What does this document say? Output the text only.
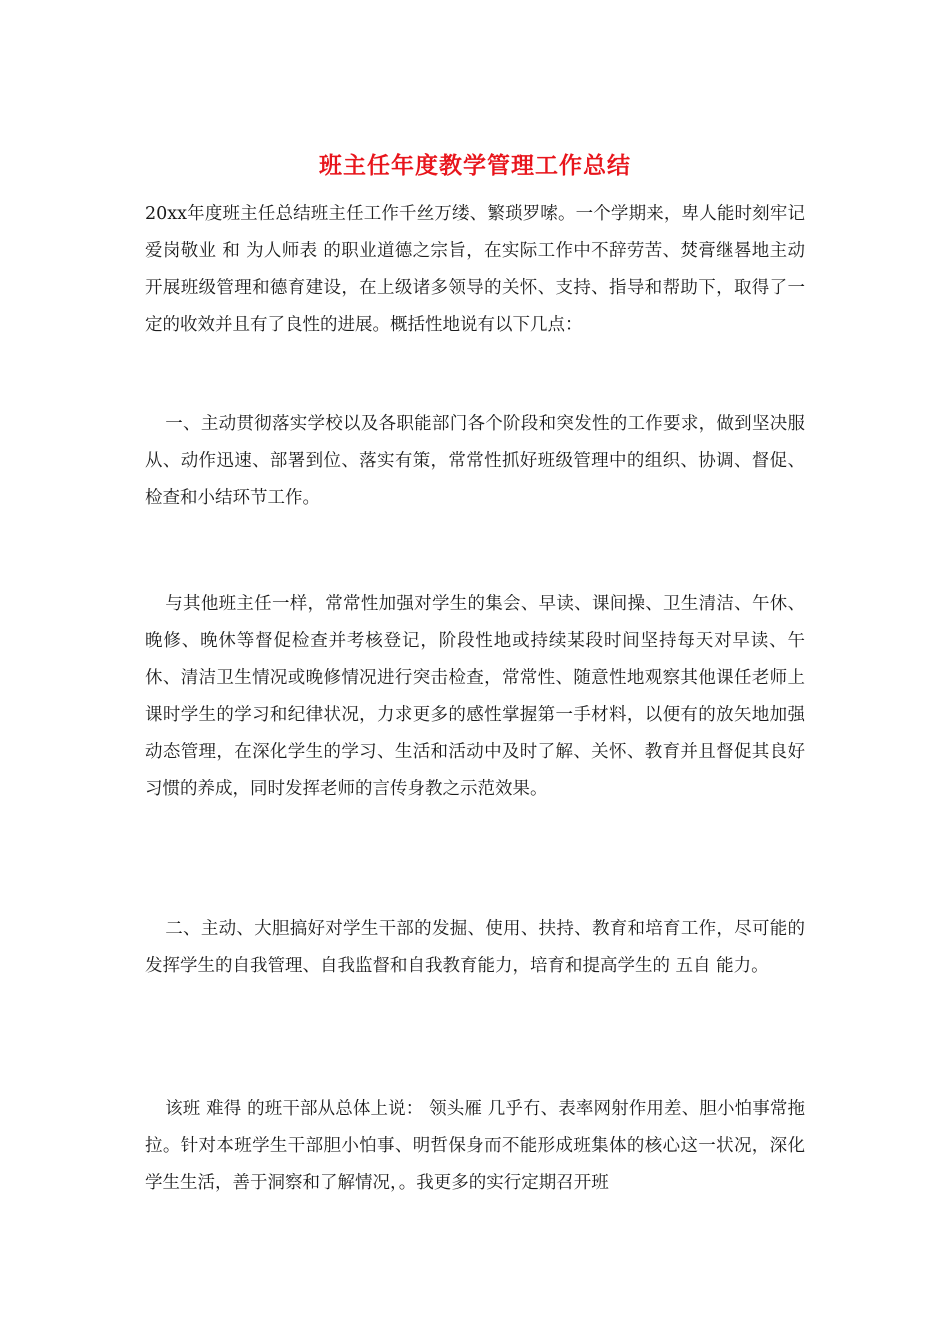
班主任年度教学管理工作总结

20xx年度班主任总结班主任工作千丝万缕、繁琐罗嗦。一个学期来，卑人能时刻牢记 爱岗敬业 和 为人师表 的职业道德之宗旨，在实际工作中不辞劳苦、焚膏继晷地主动开展班级管理和德育建设，在上级诸多领导的关怀、支持、指导和帮助下，取得了一定的收效并且有了良性的进展。概括性地说有以下几点：

一、主动贯彻落实学校以及各职能部门各个阶段和突发性的工作要求，做到坚决服从、动作迅速、部署到位、落实有策，常常性抓好班级管理中的组织、协调、督促、检查和小结环节工作。

与其他班主任一样，常常性加强对学生的集会、早读、课间操、卫生清洁、午休、晚修、晚休等督促检查并考核登记，阶段性地或持续某段时间坚持每天对早读、午休、清洁卫生情况或晚修情况进行突击检查，常常性、随意性地观察其他课任老师上课时学生的学习和纪律状况，力求更多的感性掌握第一手材料，以便有的放矢地加强动态管理，在深化学生的学习、生活和活动中及时了解、关怀、教育并且督促其良好习惯的养成，同时发挥老师的言传身教之示范效果。

二、主动、大胆搞好对学生干部的发掘、使用、扶持、教育和培育工作，尽可能的发挥学生的自我管理、自我监督和自我教育能力，培育和提高学生的 五自 能力。

该班 难得 的班干部从总体上说： 领头雁 几乎冇、表率网射作用差、胆小怕事常拖拉。针对本班学生干部胆小怕事、明哲保身而不能形成班集体的核心这一状况，深化学生生活，善于洞察和了解情况，。我更多的实行定期召开班
